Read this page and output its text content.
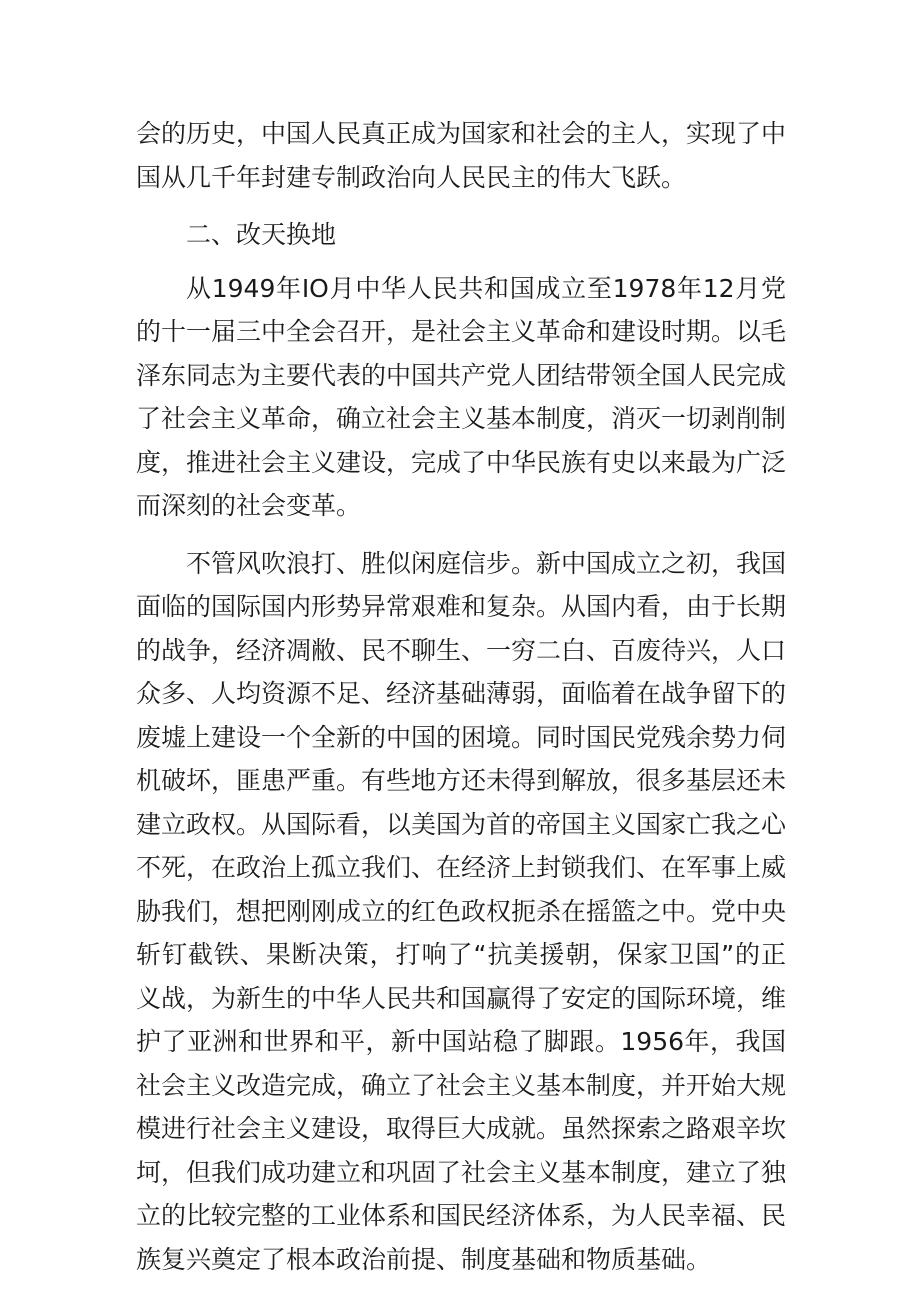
会的历史，中国人民真正成为国家和社会的主人，实现了中国从几千年封建专制政治向人民民主的伟大飞跃。

二、改天换地

从1949年IO月中华人民共和国成立至1978年12月党的十一届三中全会召开，是社会主义革命和建设时期。以毛泽东同志为主要代表的中国共产党人团结带领全国人民完成了社会主义革命，确立社会主义基本制度，消灭一切剥削制度，推进社会主义建设，完成了中华民族有史以来最为广泛而深刻的社会变革。

不管风吹浪打、胜似闲庭信步。新中国成立之初，我国面临的国际国内形势异常艰难和复杂。从国内看，由于长期的战争，经济凋敝、民不聊生、一穷二白、百废待兴，人口众多、人均资源不足、经济基础薄弱，面临着在战争留下的废墟上建设一个全新的中国的困境。同时国民党残余势力伺机破坏，匪患严重。有些地方还未得到解放，很多基层还未建立政权。从国际看，以美国为首的帝国主义国家亡我之心不死，在政治上孤立我们、在经济上封锁我们、在军事上威胁我们，想把刚刚成立的红色政权扼杀在摇篮之中。党中央斩钉截铁、果断决策，打响了“抗美援朝，保家卫国”的正义战，为新生的中华人民共和国赢得了安定的国际环境，维护了亚洲和世界和平，新中国站稳了脚跟。1956年，我国社会主义改造完成，确立了社会主义基本制度，并开始大规模进行社会主义建设，取得巨大成就。虽然探索之路艰辛坎坷，但我们成功建立和巩固了社会主义基本制度，建立了独立的比较完整的工业体系和国民经济体系，为人民幸福、民族复兴奠定了根本政治前提、制度基础和物质基础。
